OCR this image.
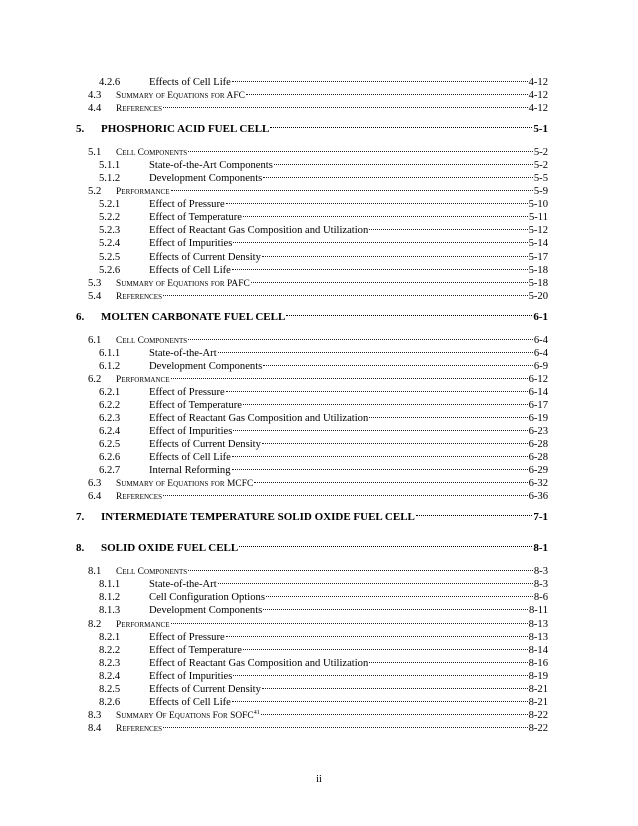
4.2.6	Effects of Cell Life	4-12
4.3	Summary of Equations for AFC	4-12
4.4	References	4-12
5.	PHOSPHORIC ACID FUEL CELL	5-1
5.1	Cell Components	5-2
5.1.1	State-of-the-Art Components	5-2
5.1.2	Development Components	5-5
5.2	Performance	5-9
5.2.1	Effect of Pressure	5-10
5.2.2	Effect of Temperature	5-11
5.2.3	Effect of Reactant Gas Composition and Utilization	5-12
5.2.4	Effect of Impurities	5-14
5.2.5	Effects of Current Density	5-17
5.2.6	Effects of Cell Life	5-18
5.3	Summary of Equations for PAFC	5-18
5.4	References	5-20
6.	MOLTEN CARBONATE FUEL CELL	6-1
6.1	Cell Components	6-4
6.1.1	State-of-the-Art	6-4
6.1.2	Development Components	6-9
6.2	Performance	6-12
6.2.1	Effect of Pressure	6-14
6.2.2	Effect of Temperature	6-17
6.2.3	Effect of Reactant Gas Composition and Utilization	6-19
6.2.4	Effect of Impurities	6-23
6.2.5	Effects of Current Density	6-28
6.2.6	Effects of Cell Life	6-28
6.2.7	Internal Reforming	6-29
6.3	Summary of Equations for MCFC	6-32
6.4	References	6-36
7.	INTERMEDIATE TEMPERATURE SOLID OXIDE FUEL CELL	7-1
8.	SOLID OXIDE FUEL CELL	8-1
8.1	Cell Components	8-3
8.1.1	State-of-the-Art	8-3
8.1.2	Cell Configuration Options	8-6
8.1.3	Development Components	8-11
8.2	Performance	8-13
8.2.1	Effect of Pressure	8-13
8.2.2	Effect of Temperature	8-14
8.2.3	Effect of Reactant Gas Composition and Utilization	8-16
8.2.4	Effect of Impurities	8-19
8.2.5	Effects of Current Density	8-21
8.2.6	Effects of Cell Life	8-21
8.3	Summary Of Equations For SOFC$^{41}$	8-22
8.4	References	8-22
ii
